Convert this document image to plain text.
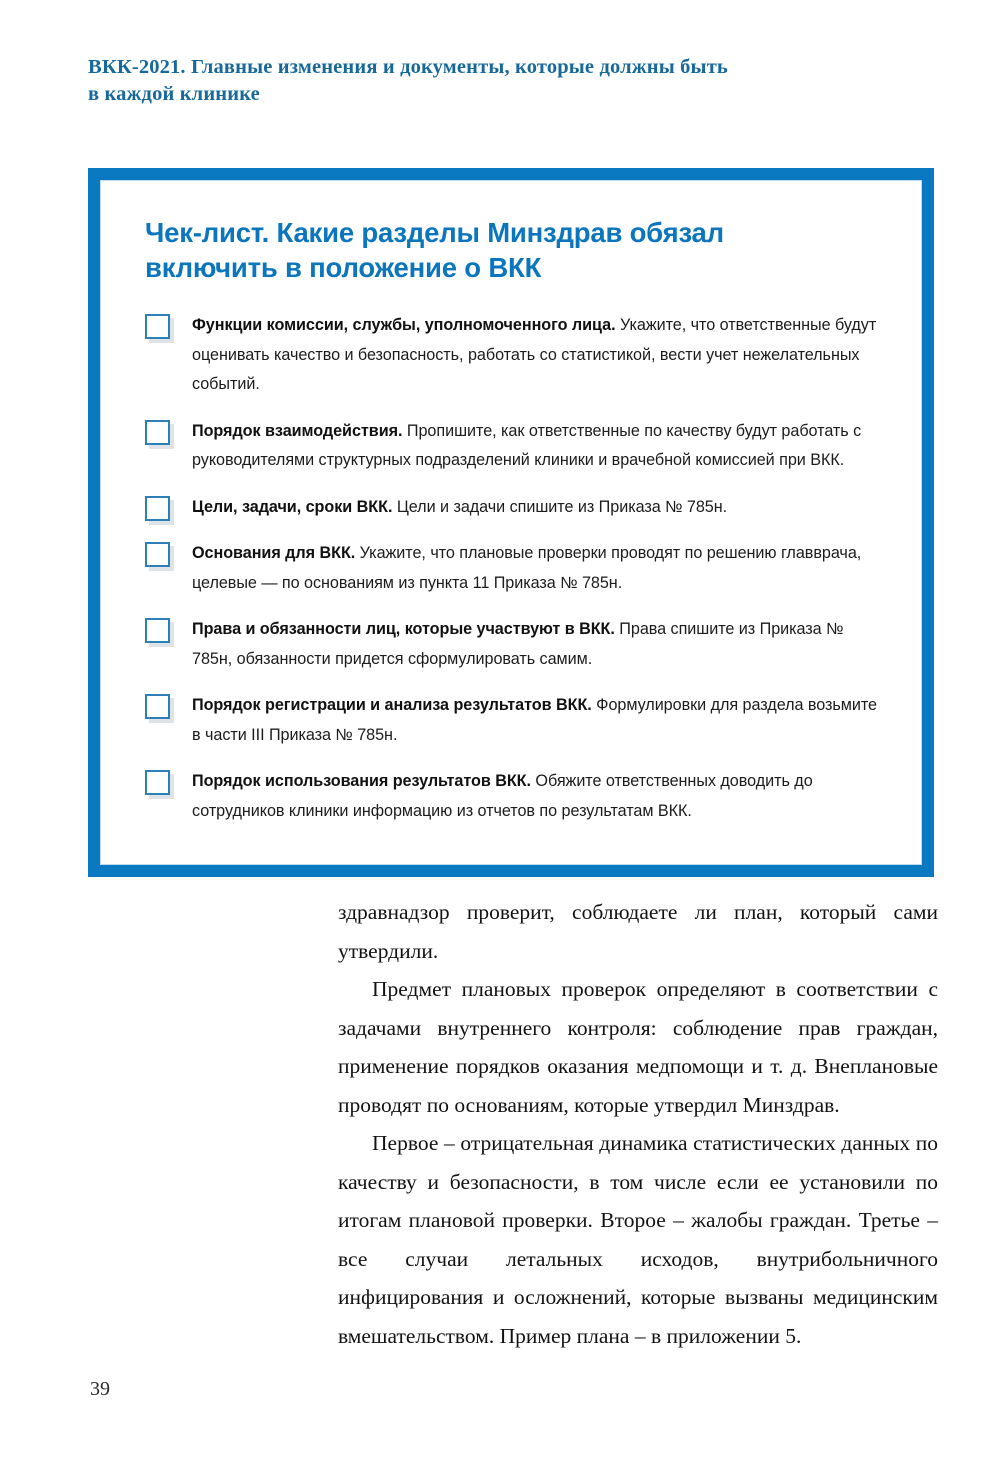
ВКК-2021. Главные изменения и документы, которые должны быть
в каждой клинике
Чек-лист. Какие разделы Минздрав обязал
включить в положение о ВКК
Функции комиссии, службы, уполномоченного лица. Укажите, что ответственные будут оценивать качество и безопасность, работать со статистикой, вести учет нежелательных событий.
Порядок взаимодействия. Пропишите, как ответственные по качеству будут работать с руководителями структурных подразделений клиники и врачебной комиссией при ВКК.
Цели, задачи, сроки ВКК. Цели и задачи спишите из Приказа № 785н.
Основания для ВКК. Укажите, что плановые проверки проводят по решению главврача, целевые — по основаниям из пункта 11 Приказа № 785н.
Права и обязанности лиц, которые участвуют в ВКК. Права спишите из Приказа № 785н, обязанности придется сформулировать самим.
Порядок регистрации и анализа результатов ВКК. Формулировки для раздела возьмите в части III Приказа № 785н.
Порядок использования результатов ВКК. Обяжите ответственных доводить до сотрудников клиники информацию из отчетов по результатам ВКК.

здравнадзор проверит, соблюдаете ли план, который сами утвердили.

Предмет плановых проверок определяют в соответствии с задачами внутреннего контроля: соблюдение прав граждан, применение порядков оказания медпомощи и т. д. Внеплановые проводят по основаниям, которые утвердил Минздрав.

Первое – отрицательная динамика статистических данных по качеству и безопасности, в том числе если ее установили по итогам плановой проверки. Второе – жалобы граждан. Третье – все случаи летальных исходов, внутрибольничного инфицирования и осложнений, которые вызваны медицинским вмешательством. Пример плана – в приложении 5.

39
